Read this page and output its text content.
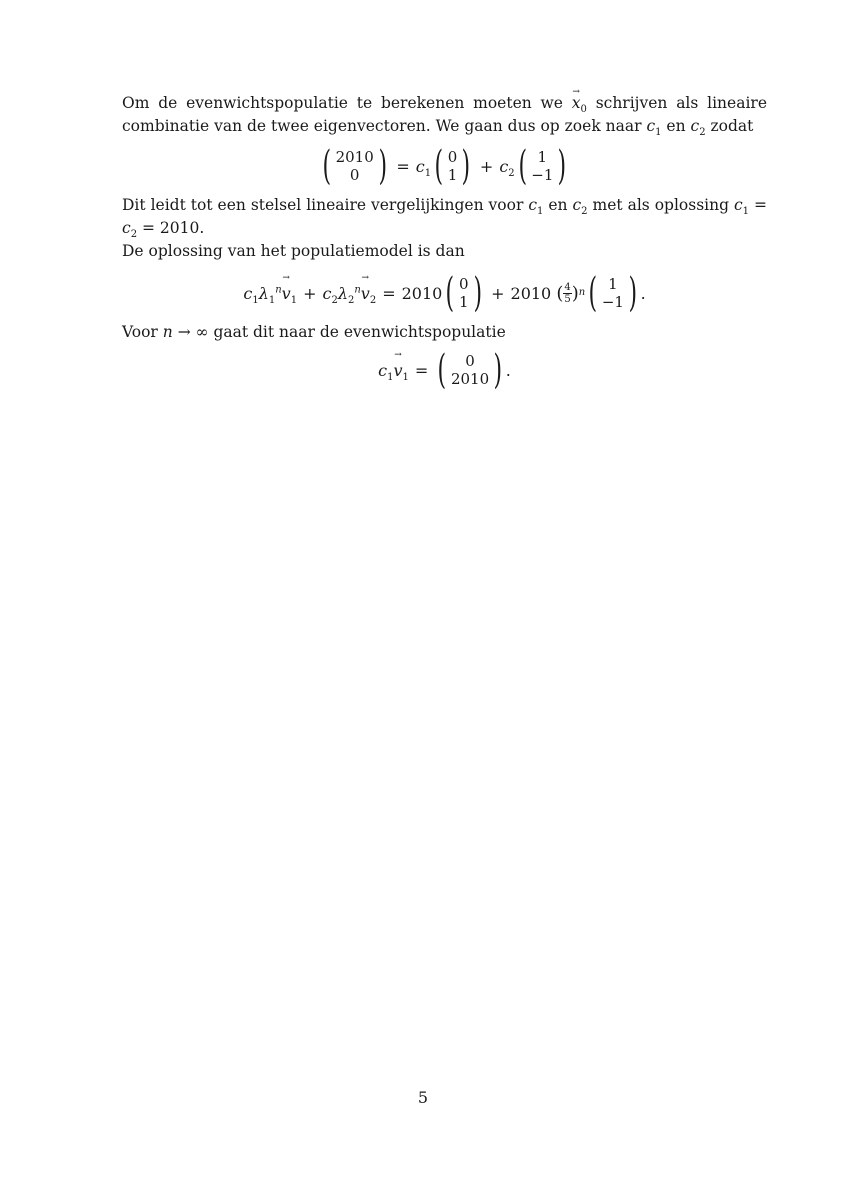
Om de evenwichtspopulatie te berekenen moeten we → $x_0$ schrijven als lineaire combinatie van de twee eigenvectoren. We gaan dus op zoek naar $c_1$ en $c_2$ zodat

( 2010
0 ) = $c_1$ ( 0
1 ) + $c_2$ ( 1
−1 )

Dit leidt tot een stelsel lineaire vergelijkingen voor $c_1$ en $c_2$ met als oplossing $c_1 = c_2 = 2010$.

De oplossing van het populatiemodel is dan

$c_1\lambda_1^n\to v_1 + c_2\lambda_2^n\to v_2 = 2010$ ( 0
1 ) + 2010
( $\frac{4}{5}$ ) n ( 1
−1 ) .

Voor n → ∞ gaat dit naar de evenwichtspopulatie

$c_1\to v_1$ = ( 0
2010 ) .
5
